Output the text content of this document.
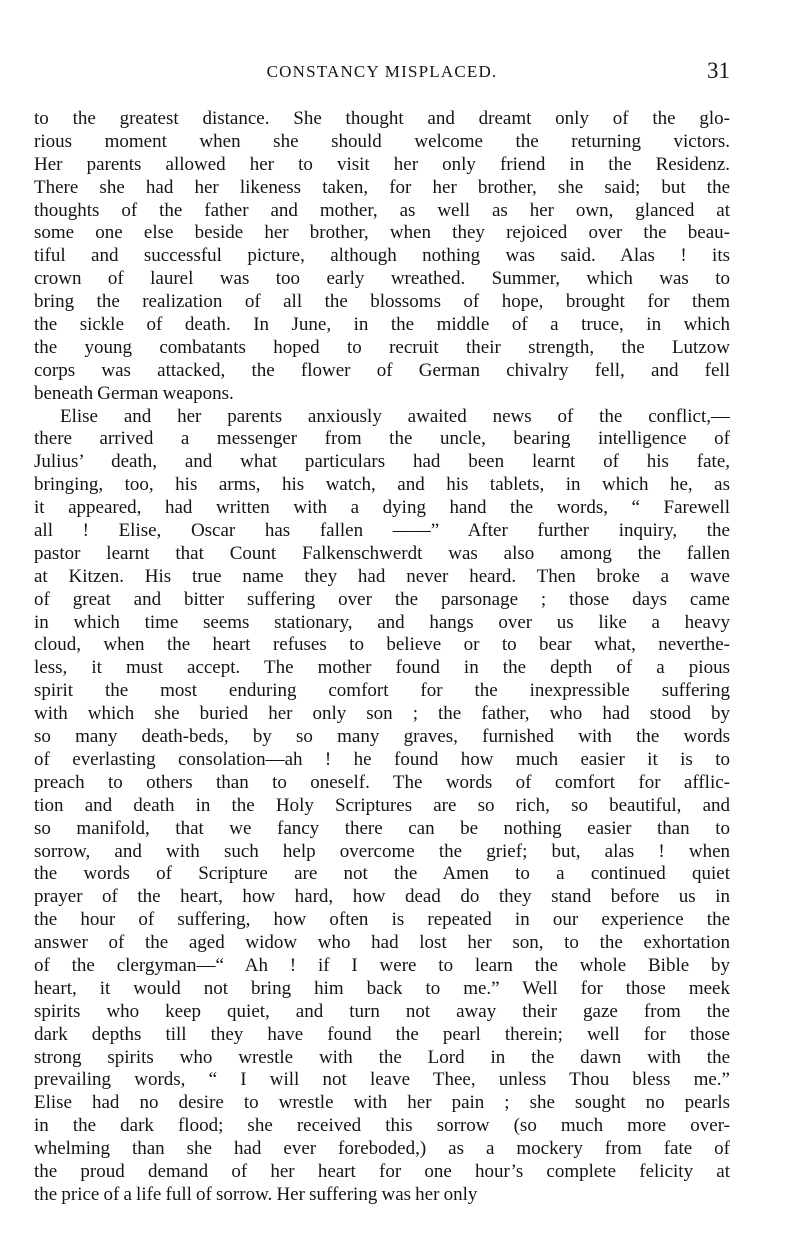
CONSTANCY MISPLACED.	31
to the greatest distance. She thought and dreamt only of the glo-
rious moment when she should welcome the returning victors.
Her parents allowed her to visit her only friend in the Residenz.
There she had her likeness taken, for her brother, she said; but the
thoughts of the father and mother, as well as her own, glanced at
some one else beside her brother, when they rejoiced over the beau-
tiful and successful picture, although nothing was said. Alas ! its
crown of laurel was too early wreathed. Summer, which was to
bring the realization of all the blossoms of hope, brought for them
the sickle of death. In June, in the middle of a truce, in which
the young combatants hoped to recruit their strength, the Lutzow
corps was attacked, the flower of German chivalry fell, and fell
beneath German weapons.
Elise and her parents anxiously awaited news of the conflict,—
there arrived a messenger from the uncle, bearing intelligence of
Julius’ death, and what particulars had been learnt of his fate,
bringing, too, his arms, his watch, and his tablets, in which he, as
it appeared, had written with a dying hand the words, “ Farewell
all ! Elise, Oscar has fallen ——” After further inquiry, the
pastor learnt that Count Falkenschwerdt was also among the fallen
at Kitzen. His true name they had never heard. Then broke a wave
of great and bitter suffering over the parsonage ; those days came
in which time seems stationary, and hangs over us like a heavy
cloud, when the heart refuses to believe or to bear what, neverthe-
less, it must accept. The mother found in the depth of a pious
spirit the most enduring comfort for the inexpressible suffering
with which she buried her only son ; the father, who had stood by
so many death-beds, by so many graves, furnished with the words
of everlasting consolation—ah ! he found how much easier it is to
preach to others than to oneself. The words of comfort for afflic-
tion and death in the Holy Scriptures are so rich, so beautiful, and
so manifold, that we fancy there can be nothing easier than to
sorrow, and with such help overcome the grief; but, alas ! when
the words of Scripture are not the Amen to a continued quiet
prayer of the heart, how hard, how dead do they stand before us in
the hour of suffering, how often is repeated in our experience the
answer of the aged widow who had lost her son, to the exhortation
of the clergyman—“ Ah ! if I were to learn the whole Bible by
heart, it would not bring him back to me.” Well for those meek
spirits who keep quiet, and turn not away their gaze from the
dark depths till they have found the pearl therein; well for those
strong spirits who wrestle with the Lord in the dawn with the
prevailing words, “ I will not leave Thee, unless Thou bless me.”
Elise had no desire to wrestle with her pain ; she sought no pearls
in the dark flood; she received this sorrow (so much more over-
whelming than she had ever foreboded,) as a mockery from fate of
the proud demand of her heart for one hour’s complete felicity at
the price of a life full of sorrow. Her suffering was her only
